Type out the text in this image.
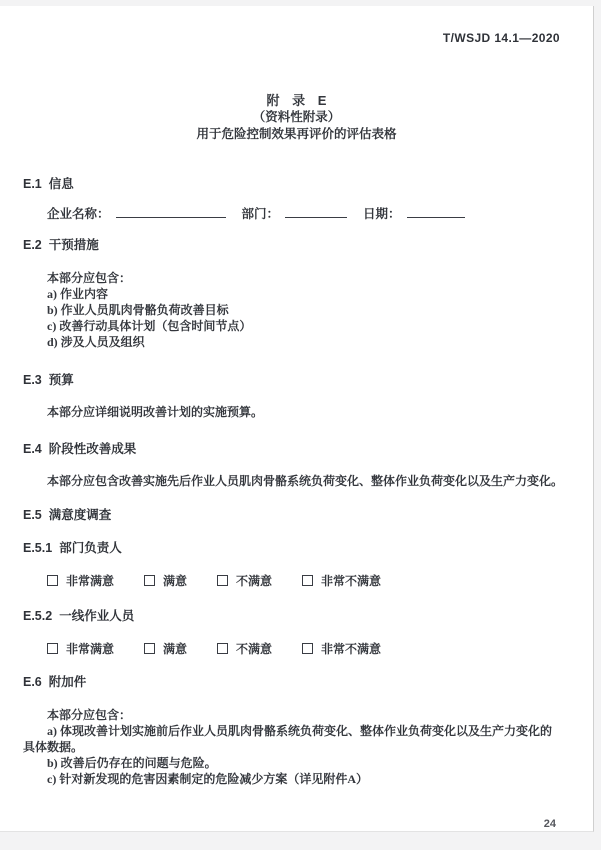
T/WSJD 14.1—2020
附 录 E
（资料性附录）
用于危险控制效果再评价的评估表格
E.1 信息
企业名称：	部门：	日期：
E.2 干预措施
本部分应包含：
a) 作业内容
b) 作业人员肌肉骨骼负荷改善目标
c) 改善行动具体计划（包含时间节点）
d) 涉及人员及组织
E.3 预算
本部分应详细说明改善计划的实施预算。
E.4 阶段性改善成果
本部分应包含改善实施先后作业人员肌肉骨骼系统负荷变化、整体作业负荷变化以及生产力变化。
E.5 满意度调查
E.5.1 部门负责人
非常满意	满意	不满意	非常不满意
E.5.2 一线作业人员
非常满意	满意	不满意	非常不满意
E.6 附加件
本部分应包含：
a) 体现改善计划实施前后作业人员肌肉骨骼系统负荷变化、整体作业负荷变化以及生产力变化的
具体数据。
b) 改善后仍存在的问题与危险。
c) 针对新发现的危害因素制定的危险减少方案（详见附件A）
24
